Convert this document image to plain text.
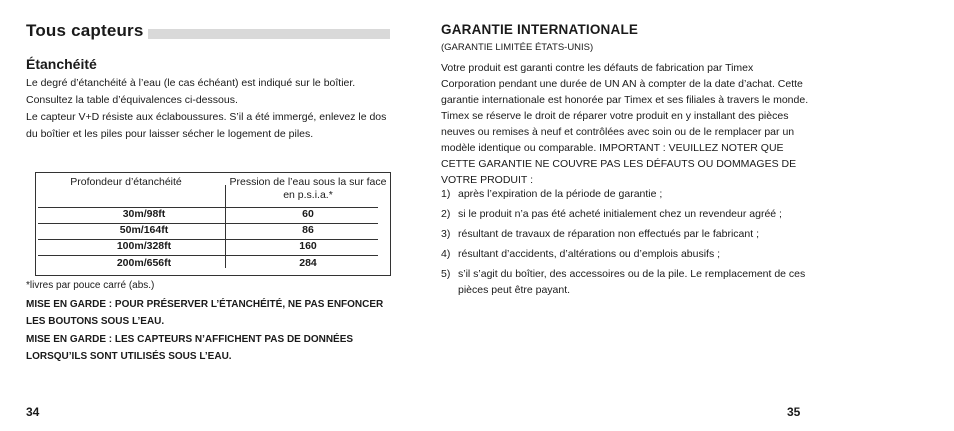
Tous capteurs
Étanchéité
Le degré d’étanchéité à l’eau (le cas échéant) est indiqué sur le boîtier. Consultez la table d’équivalences ci-dessous.
Le capteur V+D résiste aux éclaboussures. S’il a été immergé, enlevez le dos du boîtier et les piles pour laisser sécher le logement de piles.
Profondeur d’étanchéité	Pression de l’eau sous la sur face en p.s.i.a.*
30m/98ft	60
50m/164ft	86
100m/328ft	160
200m/656ft	284
*livres par pouce carré (abs.)
MISE EN GARDE : POUR PRÉSERVER L’ÉTANCHÉITÉ, NE PAS ENFONCER LES BOUTONS SOUS L’EAU.
MISE EN GARDE : LES CAPTEURS N’AFFICHENT PAS DE DONNÉES LORSQU’ILS SONT UTILISÉS SOUS L’EAU.
34
GARANTIE INTERNATIONALE
(GARANTIE LIMITÉE ÉTATS-UNIS)
Votre produit est garanti contre les défauts de fabrication par Timex Corporation pendant une durée de UN AN à compter de la date d’achat. Cette garantie internationale est honorée par Timex et ses filiales à travers le monde. Timex se réserve le droit de réparer votre produit en y installant des pièces neuves ou remises à neuf et contrôlées avec soin ou de le remplacer par un modèle identique ou comparable. IMPORTANT : VEUILLEZ NOTER QUE CETTE GARANTIE NE COUVRE PAS LES DÉFAUTS OU DOMMAGES DE VOTRE PRODUIT :
1) après l’expiration de la période de garantie ;
2) si le produit n’a pas été acheté initialement chez un revendeur agréé ;
3) résultant de travaux de réparation non effectués par le fabricant ;
4) résultant d’accidents, d’altérations ou d’emplois abusifs ;
5) s’il s’agit du boîtier, des accessoires ou de la pile. Le remplacement de ces pièces peut être payant.
35
